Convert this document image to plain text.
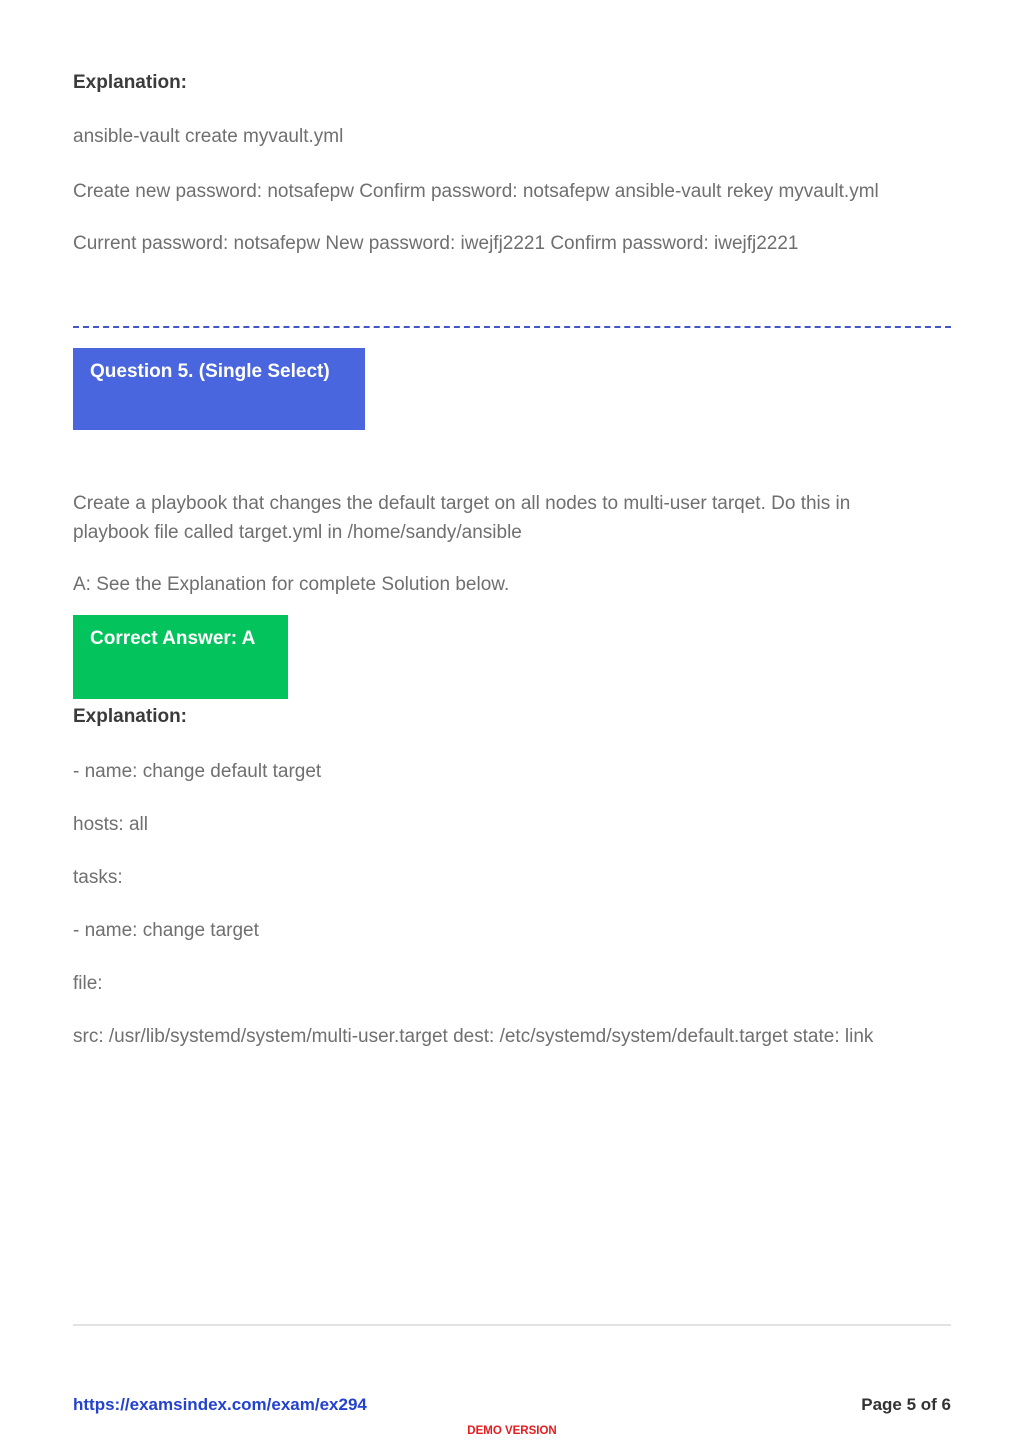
Explanation:

ansible-vault create myvault.yml

Create new password: notsafepw Confirm password: notsafepw ansible-vault rekey myvault.yml

Current password: notsafepw New password: iwejfj2221 Confirm password: iwejfj2221

Question 5. (Single Select)
Create a playbook that changes the default target on all nodes to multi-user tarqet. Do this in
playbook file called target.yml in /home/sandy/ansible

A: See the Explanation for complete Solution below.

Correct Answer: A

Explanation:

- name: change default target

hosts: all

tasks:

- name: change target

file:

src: /usr/lib/systemd/system/multi-user.target dest: /etc/systemd/system/default.target state: link

https://examsindex.com/exam/ex294	Page 5 of 6
DEMO VERSION
